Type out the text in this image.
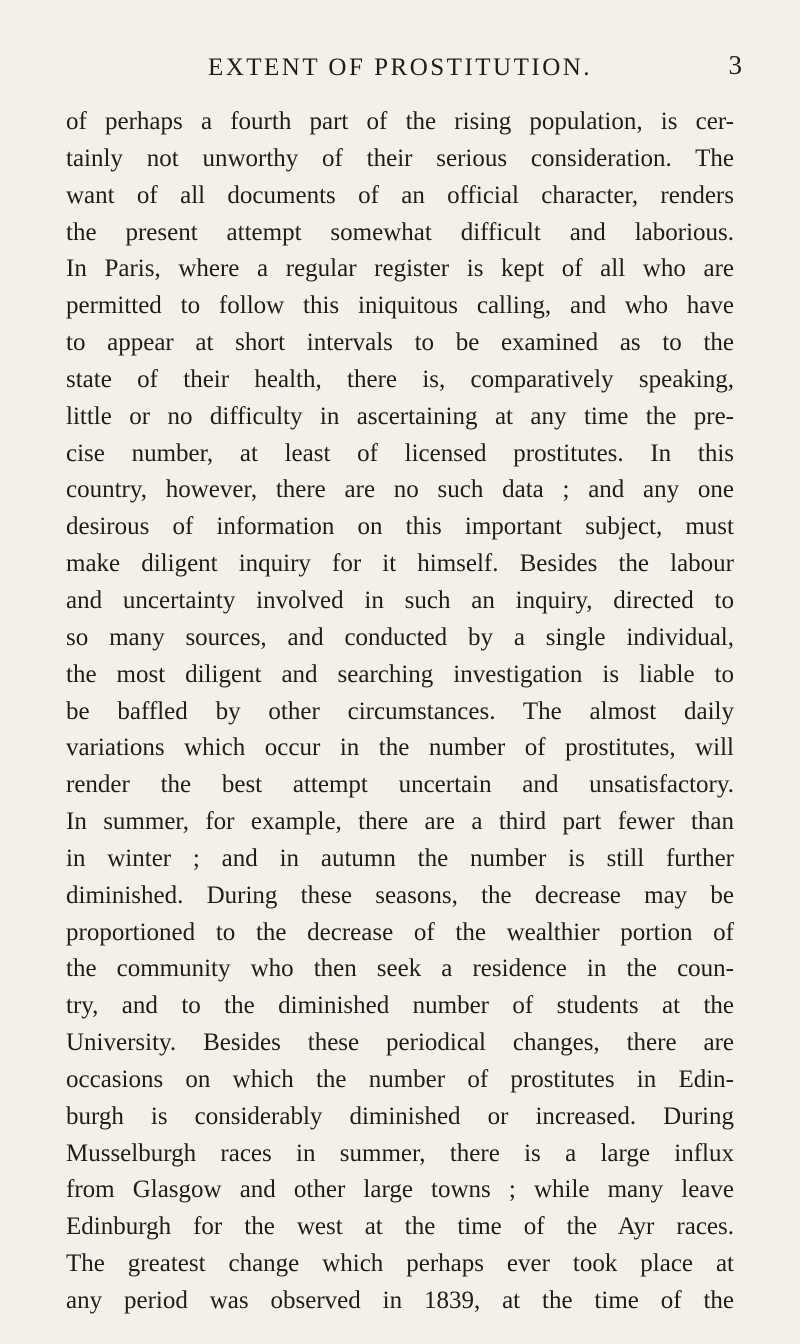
EXTENT OF PROSTITUTION.	3
of perhaps a fourth part of the rising population, is cer-
tainly not unworthy of their serious consideration. The
want of all documents of an official character, renders
the present attempt somewhat difficult and laborious.
In Paris, where a regular register is kept of all who are
permitted to follow this iniquitous calling, and who have
to appear at short intervals to be examined as to the
state of their health, there is, comparatively speaking,
little or no difficulty in ascertaining at any time the pre-
cise number, at least of licensed prostitutes. In this
country, however, there are no such data ; and any one
desirous of information on this important subject, must
make diligent inquiry for it himself. Besides the labour
and uncertainty involved in such an inquiry, directed to
so many sources, and conducted by a single individual,
the most diligent and searching investigation is liable to
be baffled by other circumstances. The almost daily
variations which occur in the number of prostitutes, will
render the best attempt uncertain and unsatisfactory.
In summer, for example, there are a third part fewer than
in winter ; and in autumn the number is still further
diminished. During these seasons, the decrease may be
proportioned to the decrease of the wealthier portion of
the community who then seek a residence in the coun-
try, and to the diminished number of students at the
University. Besides these periodical changes, there are
occasions on which the number of prostitutes in Edin-
burgh is considerably diminished or increased. During
Musselburgh races in summer, there is a large influx
from Glasgow and other large towns ; while many leave
Edinburgh for the west at the time of the Ayr races.
The greatest change which perhaps ever took place at
any period was observed in 1839, at the time of the
